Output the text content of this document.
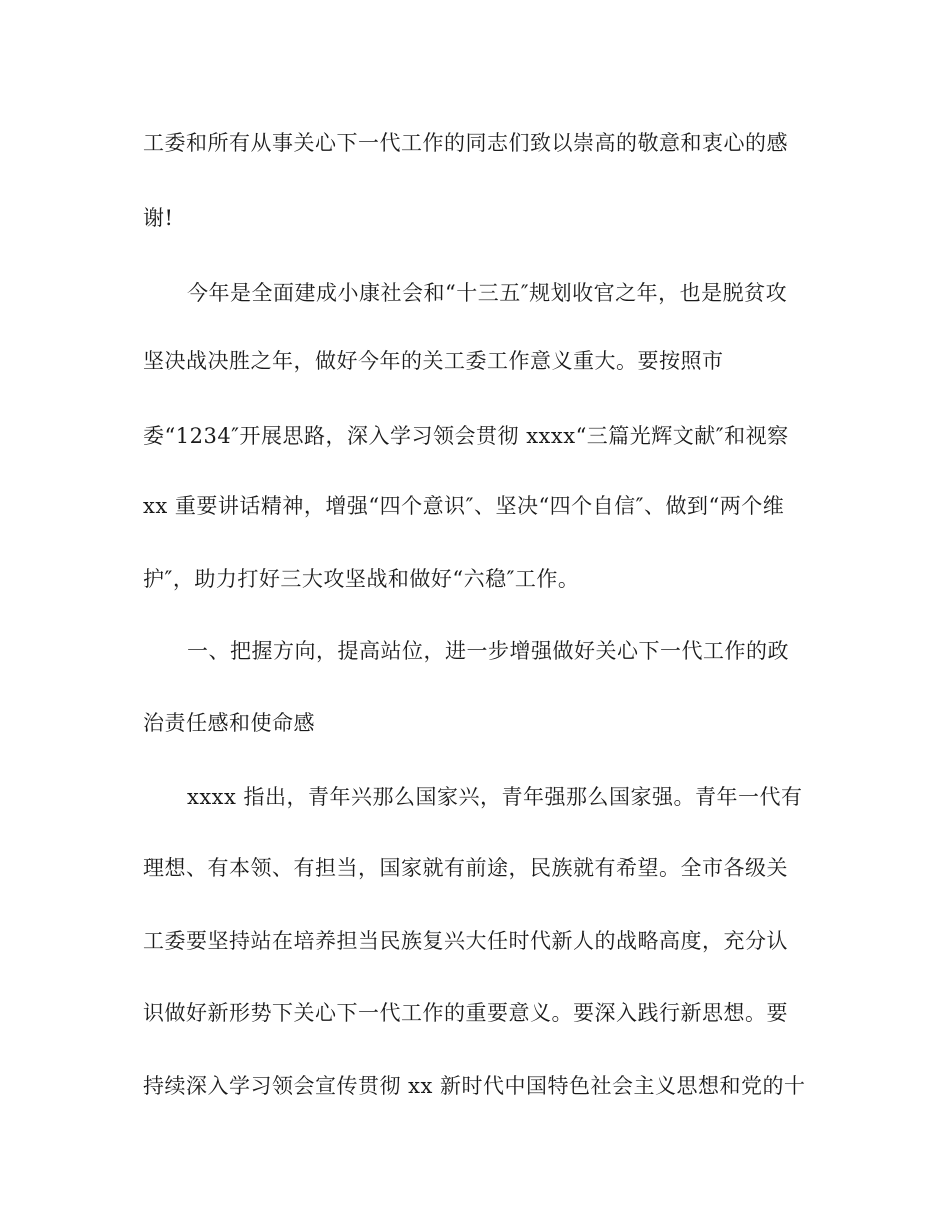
工委和所有从事关心下一代工作的同志们致以崇高的敬意和衷心的感
谢!
今年是全面建成小康社会和“十三五″规划收官之年，也是脱贫攻
坚决战决胜之年，做好今年的关工委工作意义重大。要按照市
委“1234″开展思路，深入学习领会贯彻 xxxx“三篇光辉文献″和视察
xx 重要讲话精神，增强“四个意识″、坚决“四个自信″、做到“两个维
护″，助力打好三大攻坚战和做好“六稳″工作。
一、把握方向，提高站位，进一步增强做好关心下一代工作的政
治责任感和使命感
xxxx 指出，青年兴那么国家兴，青年强那么国家强。青年一代有
理想、有本领、有担当，国家就有前途，民族就有希望。全市各级关
工委要坚持站在培养担当民族复兴大任时代新人的战略高度，充分认
识做好新形势下关心下一代工作的重要意义。要深入践行新思想。要
持续深入学习领会宣传贯彻 xx 新时代中国特色社会主义思想和党的十
